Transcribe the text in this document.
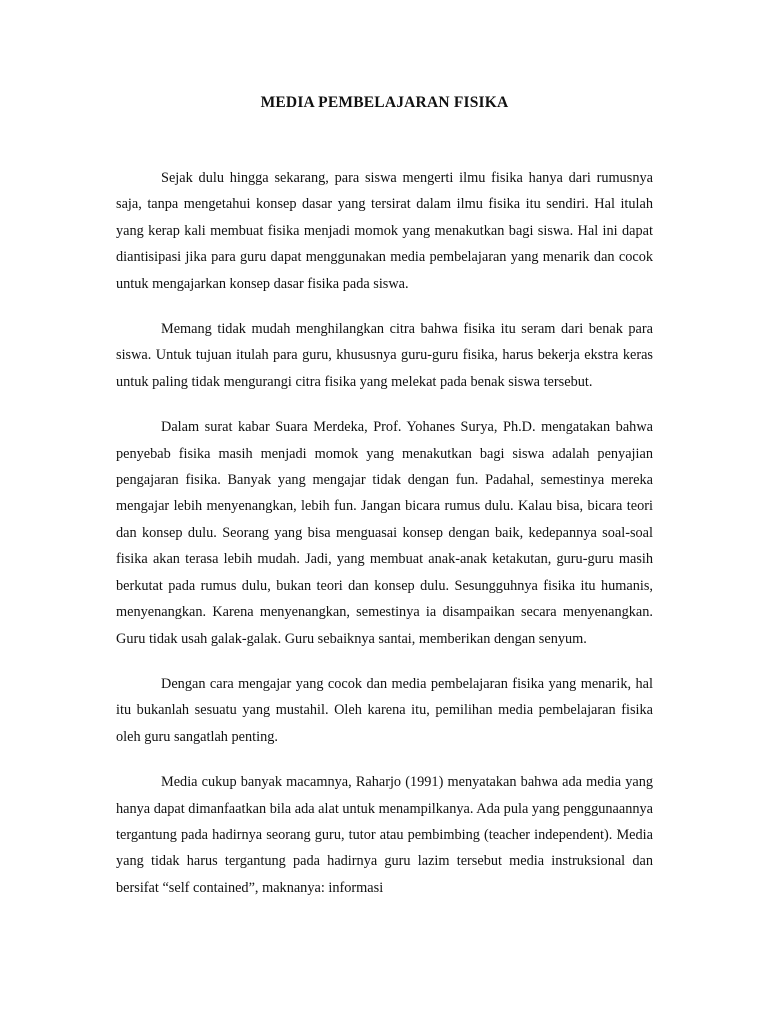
MEDIA PEMBELAJARAN FISIKA

Sejak dulu hingga sekarang, para siswa mengerti ilmu fisika hanya dari rumusnya saja, tanpa mengetahui konsep dasar yang tersirat dalam ilmu fisika itu sendiri. Hal itulah yang kerap kali membuat fisika menjadi momok yang menakutkan bagi siswa. Hal ini dapat diantisipasi jika para guru dapat menggunakan media pembelajaran yang menarik dan cocok untuk mengajarkan konsep dasar fisika pada siswa.

Memang tidak mudah menghilangkan citra bahwa fisika itu seram dari benak para siswa. Untuk tujuan itulah para guru, khususnya guru-guru fisika, harus bekerja ekstra keras untuk paling tidak mengurangi citra fisika yang melekat pada benak siswa tersebut.

Dalam surat kabar Suara Merdeka, Prof. Yohanes Surya, Ph.D. mengatakan bahwa penyebab fisika masih menjadi momok yang menakutkan bagi siswa adalah penyajian pengajaran fisika. Banyak yang mengajar tidak dengan fun. Padahal, semestinya mereka mengajar lebih menyenangkan, lebih fun. Jangan bicara rumus dulu. Kalau bisa, bicara teori dan konsep dulu. Seorang yang bisa menguasai konsep dengan baik, kedepannya soal-soal fisika akan terasa lebih mudah. Jadi, yang membuat anak-anak ketakutan, guru-guru masih berkutat pada rumus dulu, bukan teori dan konsep dulu. Sesungguhnya fisika itu humanis, menyenangkan. Karena menyenangkan, semestinya ia disampaikan secara menyenangkan. Guru tidak usah galak-galak. Guru sebaiknya santai, memberikan dengan senyum.

Dengan cara mengajar yang cocok dan media pembelajaran fisika yang menarik, hal itu bukanlah sesuatu yang mustahil. Oleh karena itu, pemilihan media pembelajaran fisika oleh guru sangatlah penting.

Media cukup banyak macamnya, Raharjo (1991) menyatakan bahwa ada media yang hanya dapat dimanfaatkan bila ada alat untuk menampilkanya. Ada pula yang penggunaannya tergantung pada hadirnya seorang guru, tutor atau pembimbing (teacher independent). Media yang tidak harus tergantung pada hadirnya guru lazim tersebut media instruksional dan bersifat “self contained”, maknanya: informasi
